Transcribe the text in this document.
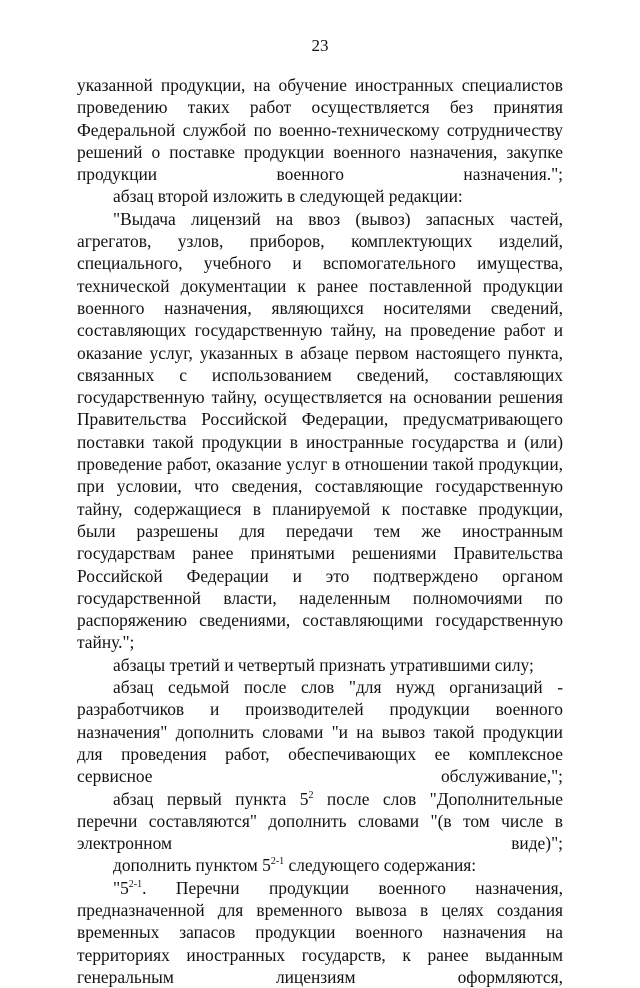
23

указанной продукции, на обучение иностранных специалистов проведению таких работ осуществляется без принятия Федеральной службой по военно-техническому сотрудничеству решений о поставке продукции военного назначения, закупке продукции военного назначения.";

абзац второй изложить в следующей редакции:

"Выдача лицензий на ввоз (вывоз) запасных частей, агрегатов, узлов, приборов, комплектующих изделий, специального, учебного и вспомогательного имущества, технической документации к ранее поставленной продукции военного назначения, являющихся носителями сведений, составляющих государственную тайну, на проведение работ и оказание услуг, указанных в абзаце первом настоящего пункта, связанных с использованием сведений, составляющих государственную тайну, осуществляется на основании решения Правительства Российской Федерации, предусматривающего поставки такой продукции в иностранные государства и (или) проведение работ, оказание услуг в отношении такой продукции, при условии, что сведения, составляющие государственную тайну, содержащиеся в планируемой к поставке продукции, были разрешены для передачи тем же иностранным государствам ранее принятыми решениями Правительства Российской Федерации и это подтверждено органом государственной власти, наделенным полномочиями по распоряжению сведениями, составляющими государственную тайну.";

абзацы третий и четвертый признать утратившими силу;

абзац седьмой после слов "для нужд организаций - разработчиков и производителей продукции военного назначения" дополнить словами "и на вывоз такой продукции для проведения работ, обеспечивающих ее комплексное сервисное обслуживание,";

абзац первый пункта $5^2$ после слов "Дополнительные перечни составляются" дополнить словами "(в том числе в электронном виде)";

дополнить пунктом 5$^{2-1}$ следующего содержания:

"5$^{2-1}$. Перечни продукции военного назначения, предназначенной для временного вывоза в целях создания временных запасов продукции военного назначения на территориях иностранных государств, к ранее выданным генеральным лицензиям оформляются,
